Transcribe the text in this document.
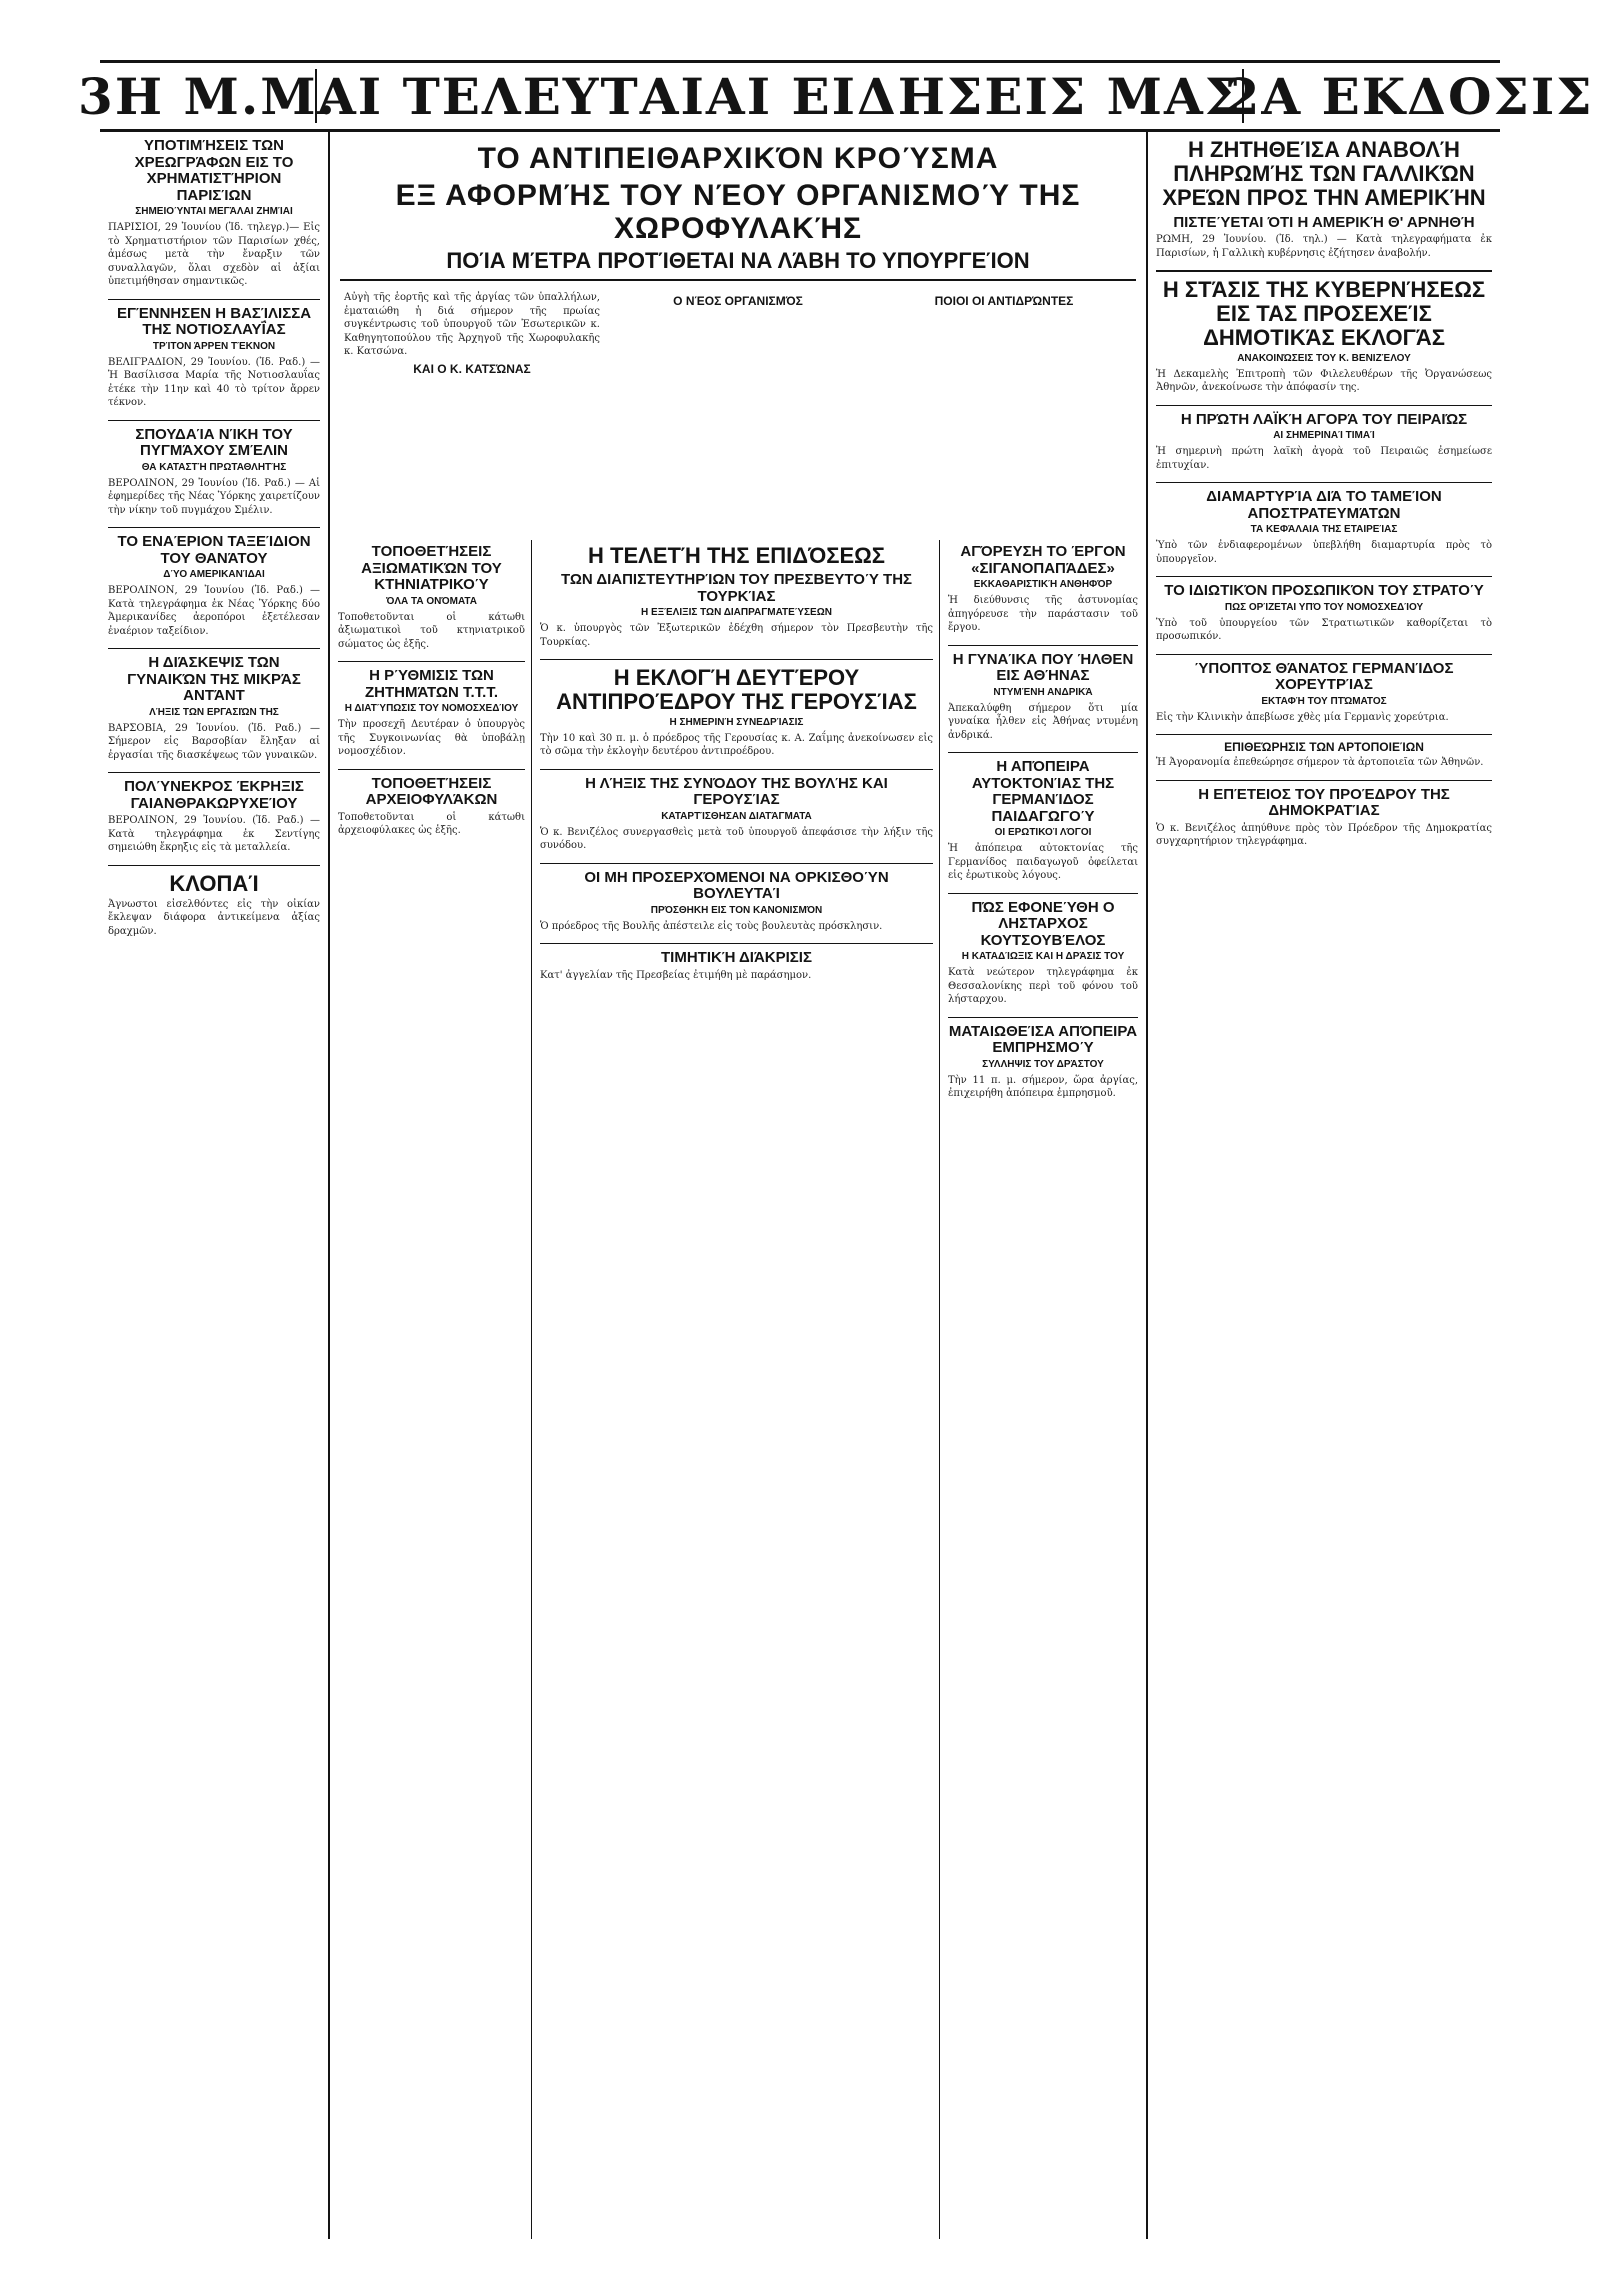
3Η Μ.Μ.
ΑΙ ΤΕΛΕΥΤΑΙΑΙ ΕΙΔΗΣΕΙΣ ΜΑΣ
2Α ΕΚΔΟΣΙΣ
ΥΠΟΤΙΜΉΣΕΙΣ ΤΩΝ ΧΡΕΩΓΡΆΦΩΝ ΕΙΣ ΤΟ ΧΡΗΜΑΤΙΣΤΉΡΙΟΝ ΠΑΡΙΣΊΩΝ
ΣΗΜΕΙΟΎΝΤΑΙ ΜΕΓΆΛΑΙ ΖΗΜΊΑΙ

ΠΑΡΙΣΙΟΙ, 29 Ἰουνίου (Ἰδ. τηλεγρ.)— Εἰς τὸ Χρηματιστήριον τῶν Παρισίων χθές, ἀμέσως μετὰ τὴν ἔναρξιν τῶν συναλλαγῶν, ὅλαι σχεδὸν αἱ ἀξίαι ὑπετιμήθησαν σημαντικῶς.

ΕΓΈΝΝΗΣΕΝ Η ΒΑΣΊΛΙΣΣΑ ΤΗΣ ΝΟΤΙΟΣΛΑΥΪ́ΑΣ
ΤΡΊΤΟΝ ΆΡΡΕΝ ΤΈΚΝΟΝ

ΒΕΛΙΓΡΑΔΙΟΝ, 29 Ἰουνίου. (Ἰδ. Ραδ.) — Ἡ Βασίλισσα Μαρία τῆς Νοτιοσλαυΐας ἐτέκε τὴν 11ην καὶ 40 τὸ τρίτον ἄρρεν τέκνον.

ΣΠΟΥΔΑΊΑ ΝΊΚΗ ΤΟΥ ΠΥΓΜΆΧΟΥ ΣΜΈΛΙΝ
ΘΑ ΚΑΤΑΣΤΉ ΠΡΩΤΑΘΛΗΤΉΣ

ΒΕΡΟΛΙΝΟΝ, 29 Ἰουνίου (Ἰδ. Ραδ.) — Αἱ ἐφημερίδες τῆς Νέας Ὑόρκης χαιρετίζουν τὴν νίκην τοῦ πυγμάχου Σμέλιν.

ΤΟ ΕΝΑΈΡΙΟΝ ΤΑΞΕΊΔΙΟΝ ΤΟΥ ΘΑΝΆΤΟΥ
ΔΎΟ ΑΜΕΡΙΚΑΝΊΔΑΙ

ΒΕΡΟΛΙΝΟΝ, 29 Ἰουνίου (Ἰδ. Ραδ.) — Κατὰ τηλεγράφημα ἐκ Νέας Ὑόρκης δύο Ἀμερικανίδες ἀεροπόροι ἐξετέλεσαν ἐναέριον ταξείδιον.

Η ΔΙΆΣΚΕΨΙΣ ΤΩΝ ΓΥΝΑΙΚΏΝ ΤΗΣ ΜΙΚΡΆΣ ΑΝΤΆΝΤ
ΛΉΞΙΣ ΤΩΝ ΕΡΓΑΣΙΏΝ ΤΗΣ

ΒΑΡΣΟΒΙΑ, 29 Ἰουνίου. (Ἰδ. Ραδ.) — Σήμερον εἰς Βαρσοβίαν ἔληξαν αἱ ἐργασίαι τῆς διασκέψεως τῶν γυναικῶν.

ΠΟΛΎΝΕΚΡΟΣ ΈΚΡΗΞΙΣ ΓΑΙΑΝΘΡΑΚΩΡΥΧΕΊΟΥ

ΒΕΡΟΛΙΝΟΝ, 29 Ἰουνίου. (Ἰδ. Ραδ.) — Κατὰ τηλεγράφημα ἐκ Σεντίγης σημειώθη ἔκρηξις εἰς τὰ μεταλλεία.

ΚΛΟΠΑΊ

Ἀγνωστοι εἰσελθόντες εἰς τὴν οἰκίαν ἔκλεψαν διάφορα ἀντικείμενα ἀξίας δραχμῶν.

ΤΟ ΑΝΤΙΠΕΙΘΑΡΧΙΚΌΝ ΚΡΟΎΣΜΑ
ΕΞ ΑΦΟΡΜΉΣ ΤΟΥ ΝΈΟΥ ΟΡΓΑΝΙΣΜΟΎ ΤΗΣ ΧΩΡΟΦΥΛΑΚΉΣ
ΠΟΊΑ ΜΈΤΡΑ ΠΡΟΤΊΘΕΤΑΙ ΝΑ ΛΆΒΗ ΤΟ ΥΠΟΥΡΓΕΊΟΝ

Αὐγὴ τῆς ἑορτῆς καὶ τῆς ἀργίας τῶν ὑπαλλήλων, ἐματαιώθη ἡ διά σήμερον τῆς πρωίας συγκέντρωσις τοῦ ὑπουργοῦ τῶν Ἐσωτερικῶν κ. Καθηγητοπούλου τῆς Ἀρχηγοῦ τῆς Χωροφυλακῆς κ. Κατσώνα.

ΚΑΙ Ο Κ. ΚΑΤΣΏΝΑΣ
Ο ΝΈΟΣ ΟΡΓΑΝΙΣΜΌΣ	ΠΟΙΟΙ ΟΙ ΑΝΤΙΔΡΏΝΤΕΣ
ΤΟΠΟΘΕΤΉΣΕΙΣ ΑΞΙΩΜΑΤΙΚΏΝ ΤΟΥ ΚΤΗΝΙΑΤΡΙΚΟΎ
ΌΛΑ ΤΑ ΟΝΌΜΑΤΑ

Τοποθετοῦνται οἱ κάτωθι ἀξιωματικοὶ τοῦ κτηνιατρικοῦ σώματος ὡς ἑξῆς.

Η ΡΎΘΜΙΣΙΣ ΤΩΝ ΖΗΤΗΜΆΤΩΝ Τ.Τ.Τ.
Η ΔΙΑΤΎΠΩΣΙΣ ΤΟΥ ΝΟΜΟΣΧΕΔΊΟΥ

Τὴν προσεχῆ Δευτέραν ὁ ὑπουργὸς τῆς Συγκοινωνίας θὰ ὑποβάλῃ νομοσχέδιον.

ΤΟΠΟΘΕΤΉΣΕΙΣ ΑΡΧΕΙΟΦΥΛΆΚΩΝ

Τοποθετοῦνται οἱ κάτωθι ἀρχειοφύλακες ὡς ἑξῆς.

Η ΤΕΛΕΤΉ ΤΗΣ ΕΠΙΔΌΣΕΩΣ
ΤΩΝ ΔΙΑΠΙΣΤΕΥΤΗΡΊΩΝ ΤΟΥ ΠΡΕΣΒΕΥΤΟΎ ΤΗΣ ΤΟΥΡΚΊΑΣ
Η ΕΞΈΛΙΞΙΣ ΤΩΝ ΔΙΑΠΡΑΓΜΑΤΕΎΣΕΩΝ

Ὁ κ. ὑπουργὸς τῶν Ἐξωτερικῶν ἐδέχθη σήμερον τὸν Πρεσβευτὴν τῆς Τουρκίας.

Η ΕΚΛΟΓΉ ΔΕΥΤΈΡΟΥ ΑΝΤΙΠΡΟΈΔΡΟΥ ΤΗΣ ΓΕΡΟΥΣΊΑΣ
Η ΣΗΜΕΡΙΝΉ ΣΥΝΕΔΡΊΑΣΙΣ

Τὴν 10 καὶ 30 π. μ. ὁ πρόεδρος τῆς Γερουσίας κ. Α. Ζαΐμης ἀνεκοίνωσεν εἰς τὸ σῶμα τὴν ἐκλογὴν δευτέρου ἀντιπροέδρου.

Η ΛΉΞΙΣ ΤΗΣ ΣΥΝΌΔΟΥ ΤΗΣ ΒΟΥΛΉΣ ΚΑΙ ΓΕΡΟΥΣΊΑΣ
ΚΑΤΑΡΤΊΣΘΗΣΑΝ ΔΙΑΤΆΓΜΑΤΑ

Ὁ κ. Βενιζέλος συνεργασθεὶς μετὰ τοῦ ὑπουργοῦ ἀπεφάσισε τὴν λήξιν τῆς συνόδου.

ΟΙ ΜΗ ΠΡΟΣΕΡΧΌΜΕΝΟΙ ΝΑ ΟΡΚΙΣΘΟΎΝ ΒΟΥΛΕΥΤΑΊ
ΠΡΌΣΘΗΚΗ ΕΙΣ ΤΟΝ ΚΑΝΟΝΙΣΜΌΝ

Ὁ πρόεδρος τῆς Βουλῆς ἀπέστειλε εἰς τοὺς βουλευτὰς πρόσκλησιν.

ΤΙΜΗΤΙΚΉ ΔΙΆΚΡΙΣΙΣ

Κατ' ἀγγελίαν τῆς Πρεσβείας ἐτιμήθη μὲ παράσημον.

ΑΓΌΡΕΥΣΗ ΤΟ ΈΡΓΟΝ «ΣΙΓΑΝΟΠΑΠΆΔΕΣ»
ΕΚΚΑΘΑΡΙΣΤΙΚΉ ΑΝΘΗΦΌΡ

Ἡ διεύθυνσις τῆς ἀστυνομίας ἀπηγόρευσε τὴν παράστασιν τοῦ ἔργου.

Η ΓΥΝΑΊΚΑ ΠΟΥ ΉΛΘΕΝ ΕΙΣ ΑΘΉΝΑΣ
ΝΤΥΜΈΝΗ ΑΝΔΡΙΚΆ

Ἀπεκαλύφθη σήμερον ὅτι μία γυναίκα ἦλθεν εἰς Ἀθήνας ντυμένη ἀνδρικά.

Η ΑΠΌΠΕΙΡΑ ΑΥΤΟΚΤΟΝΊΑΣ ΤΗΣ ΓΕΡΜΑΝΊΔΟΣ ΠΑΙΔΑΓΩΓΟΎ
ΟΙ ΕΡΩΤΙΚΟΊ ΛΌΓΟΙ

Ἡ ἀπόπειρα αὐτοκτονίας τῆς Γερμανίδος παιδαγωγοῦ ὀφείλεται εἰς ἐρωτικοὺς λόγους.

ΠΏΣ ΕΦΟΝΕΎΘΗ Ο ΛΗΣΤΑΡΧΟΣ ΚΟΥΤΣΟΥΒΈΛΟΣ
Η ΚΑΤΑΔΊΩΞΙΣ ΚΑΙ Η ΔΡΆΣΙΣ ΤΟΥ

Κατὰ νεώτερον τηλεγράφημα ἐκ Θεσσαλονίκης περὶ τοῦ φόνου τοῦ λήσταρχου.

ΜΑΤΑΙΩΘΕΊΣΑ ΑΠΌΠΕΙΡΑ ΕΜΠΡΗΣΜΟΎ
ΣΥΛΛΗΨΙΣ ΤΟΥ ΔΡΆΣΤΟΥ

Τὴν 11 π. μ. σήμερον, ὥρα ἀργίας, ἐπιχειρήθη ἀπόπειρα ἐμπρησμοῦ.

Η ΖΗΤΗΘΕΊΣΑ ΑΝΑΒΟΛΉ ΠΛΗΡΩΜΉΣ ΤΩΝ ΓΑΛΛΙΚΏΝ ΧΡΕΏΝ ΠΡΟΣ ΤΗΝ ΑΜΕΡΙΚΉΝ
ΠΙΣΤΕΎΕΤΑΙ ΌΤΙ Η ΑΜΕΡΙΚΉ Θ' ΑΡΝΗΘΉ

ΡΩΜΗ, 29 Ἰουνίου. (Ἰδ. τηλ.) — Κατὰ τηλεγραφήματα ἐκ Παρισίων, ἡ Γαλλικὴ κυβέρνησις ἐζήτησεν ἀναβολήν.

Η ΣΤΆΣΙΣ ΤΗΣ ΚΥΒΕΡΝΉΣΕΩΣ ΕΙΣ ΤΑΣ ΠΡΟΣΕΧΕΊΣ ΔΗΜΟΤΙΚΆΣ ΕΚΛΟΓΆΣ
ΑΝΑΚΟΙΝΏΣΕΙΣ ΤΟΥ Κ. ΒΕΝΙΖΈΛΟΥ

Ἡ Δεκαμελὴς Ἐπιτροπὴ τῶν Φιλελευθέρων τῆς Ὀργανώσεως Ἀθηνῶν, ἀνεκοίνωσε τὴν ἀπόφασίν της.

Η ΠΡΏΤΗ ΛΑΪΚΉ ΑΓΟΡΆ ΤΟΥ ΠΕΙΡΑΙΏΣ
ΑΙ ΣΗΜΕΡΙΝΑΊ ΤΙΜΑΊ

Ἡ σημερινὴ πρώτη λαϊκὴ ἀγορὰ τοῦ Πειραιῶς ἐσημείωσε ἐπιτυχίαν.

ΔΙΑΜΑΡΤΥΡΊΑ ΔΙΆ ΤΟ ΤΑΜΕΊΟΝ ΑΠΟΣΤΡΑΤΕΥΜΆΤΩΝ
ΤΑ ΚΕΦΆΛΑΙΑ ΤΗΣ ΕΤΑΙΡΕΊΑΣ

Ὑπὸ τῶν ἐνδιαφερομένων ὑπεβλήθη διαμαρτυρία πρὸς τὸ ὑπουργεῖον.

ΤΟ ΙΔΙΩΤΙΚΌΝ ΠΡΟΣΩΠΙΚΌΝ ΤΟΥ ΣΤΡΑΤΟΎ
ΠΩΣ ΟΡΊΖΕΤΑΙ ΥΠΌ ΤΟΥ ΝΟΜΟΣΧΕΔΊΟΥ

Ὑπὸ τοῦ ὑπουργείου τῶν Στρατιωτικῶν καθορίζεται τὸ προσωπικόν.

ΎΠΟΠΤΟΣ ΘΆΝΑΤΟΣ ΓΕΡΜΑΝΊΔΟΣ ΧΟΡΕΥΤΡΊΑΣ
ΕΚΤΑΦΉ ΤΟΥ ΠΤΏΜΑΤΟΣ

Εἰς τὴν Κλινικὴν ἀπεβίωσε χθὲς μία Γερμανὶς χορεύτρια.

ΕΠΙΘΕΏΡΗΣΙΣ ΤΩΝ ΑΡΤΟΠΟΙΕΊΩΝ

Ἡ Ἀγορανομία ἐπεθεώρησε σήμερον τὰ ἀρτοποιεῖα τῶν Ἀθηνῶν.

Η ΕΠΈΤΕΙΟΣ ΤΟΥ ΠΡΟΈΔΡΟΥ ΤΗΣ ΔΗΜΟΚΡΑΤΊΑΣ

Ὁ κ. Βενιζέλος ἀπηύθυνε πρὸς τὸν Πρόεδρον τῆς Δημοκρατίας συγχαρητήριον τηλεγράφημα.
